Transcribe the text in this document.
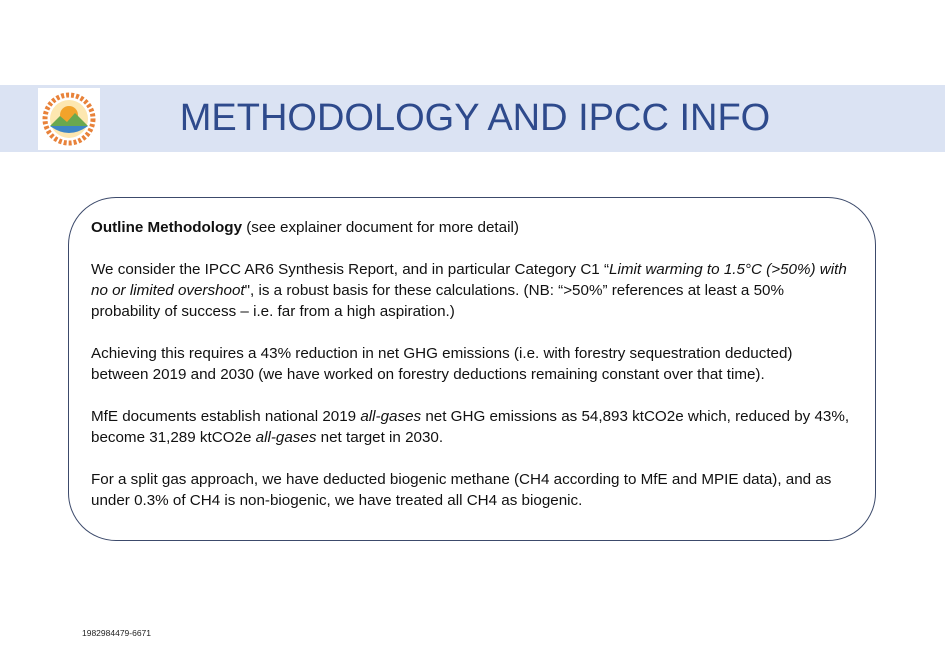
METHODOLOGY AND IPCC INFO

Outline Methodology (see explainer document for more detail)

We consider the IPCC AR6 Synthesis Report, and in particular Category C1 “Limit warming to 1.5°C (>50%) with no or limited overshoot", is a robust basis for these calculations. (NB: “>50%” references at least a 50% probability of success – i.e. far from a high aspiration.)

Achieving this requires a 43% reduction in net GHG emissions (i.e. with forestry sequestration deducted) between 2019 and 2030 (we have worked on forestry deductions remaining constant over that time).

MfE documents establish national 2019 all-gases net GHG emissions as 54,893 ktCO2e which, reduced by 43%, become 31,289 ktCO2e all-gases net target in 2030.

For a split gas approach, we have deducted biogenic methane (CH4 according to MfE and MPIE data), and as under 0.3% of CH4 is non-biogenic, we have treated all CH4 as biogenic.

1982984479-6671
